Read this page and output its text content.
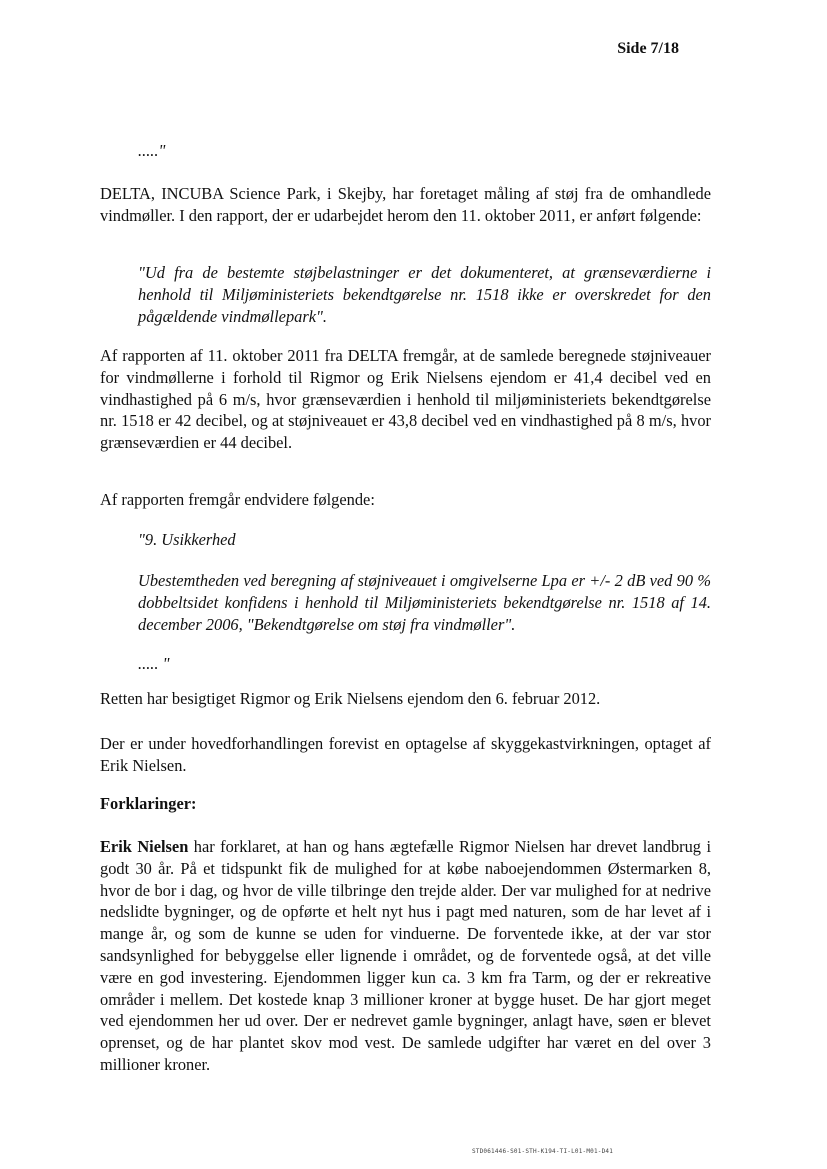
Side 7/18

....."

DELTA, INCUBA Science Park, i Skejby, har foretaget måling af støj fra de omhandlede vindmøller. I den rapport, der er udarbejdet herom den 11. oktober 2011, er anført følgende:

"Ud fra de bestemte støjbelastninger er det dokumenteret, at grænseværdierne i henhold til Miljøministeriets bekendtgørelse nr. 1518 ikke er overskredet for den pågældende vindmøllepark".

Af rapporten af 11. oktober 2011 fra DELTA fremgår, at de samlede beregnede støjniveauer for vindmøllerne i forhold til Rigmor og Erik Nielsens ejendom er 41,4 decibel ved en vindhastighed på 6 m/s, hvor grænseværdien i henhold til miljøministeriets bekendtgørelse nr. 1518 er 42 decibel, og at støjniveauet er 43,8 decibel ved en vindhastighed på 8 m/s, hvor grænseværdien er 44 decibel.

Af rapporten fremgår endvidere følgende:

"9. Usikkerhed

Ubestemtheden ved beregning af støjniveauet i omgivelserne Lpa er +/- 2 dB ved 90 % dobbeltsidet konfidens i henhold til Miljøministeriets bekendtgørelse nr. 1518 af 14. december 2006, "Bekendtgørelse om støj fra vindmøller".

..... "

Retten har besigtiget Rigmor og Erik Nielsens ejendom den 6. februar 2012.

Der er under hovedforhandlingen forevist en optagelse af skyggekastvirkningen, optaget af Erik Nielsen.

Forklaringer:

Erik Nielsen har forklaret, at han og hans ægtefælle Rigmor Nielsen har drevet landbrug i godt 30 år. På et tidspunkt fik de mulighed for at købe naboejendommen Østermarken 8, hvor de bor i dag, og hvor de ville tilbringe den trejde alder. Der var mulighed for at nedrive nedslidte bygninger, og de opførte et helt nyt hus i pagt med naturen, som de har levet af i mange år, og som de kunne se uden for vinduerne. De forventede ikke, at der var stor sandsynlighed for bebyggelse eller lignende i området, og de forventede også, at det ville være en god investering. Ejendommen ligger kun ca. 3 km fra Tarm, og der er rekreative områder i mellem. Det kostede knap 3 millioner kroner at bygge huset. De har gjort meget ved ejendommen her ud over. Der er nedrevet gamle bygninger, anlagt have, søen er blevet oprenset, og de har plantet skov mod vest. De samlede udgifter har været en del over 3 millioner kroner.

STD061446-S01-STH-K194-TI-L01-M01-D41
